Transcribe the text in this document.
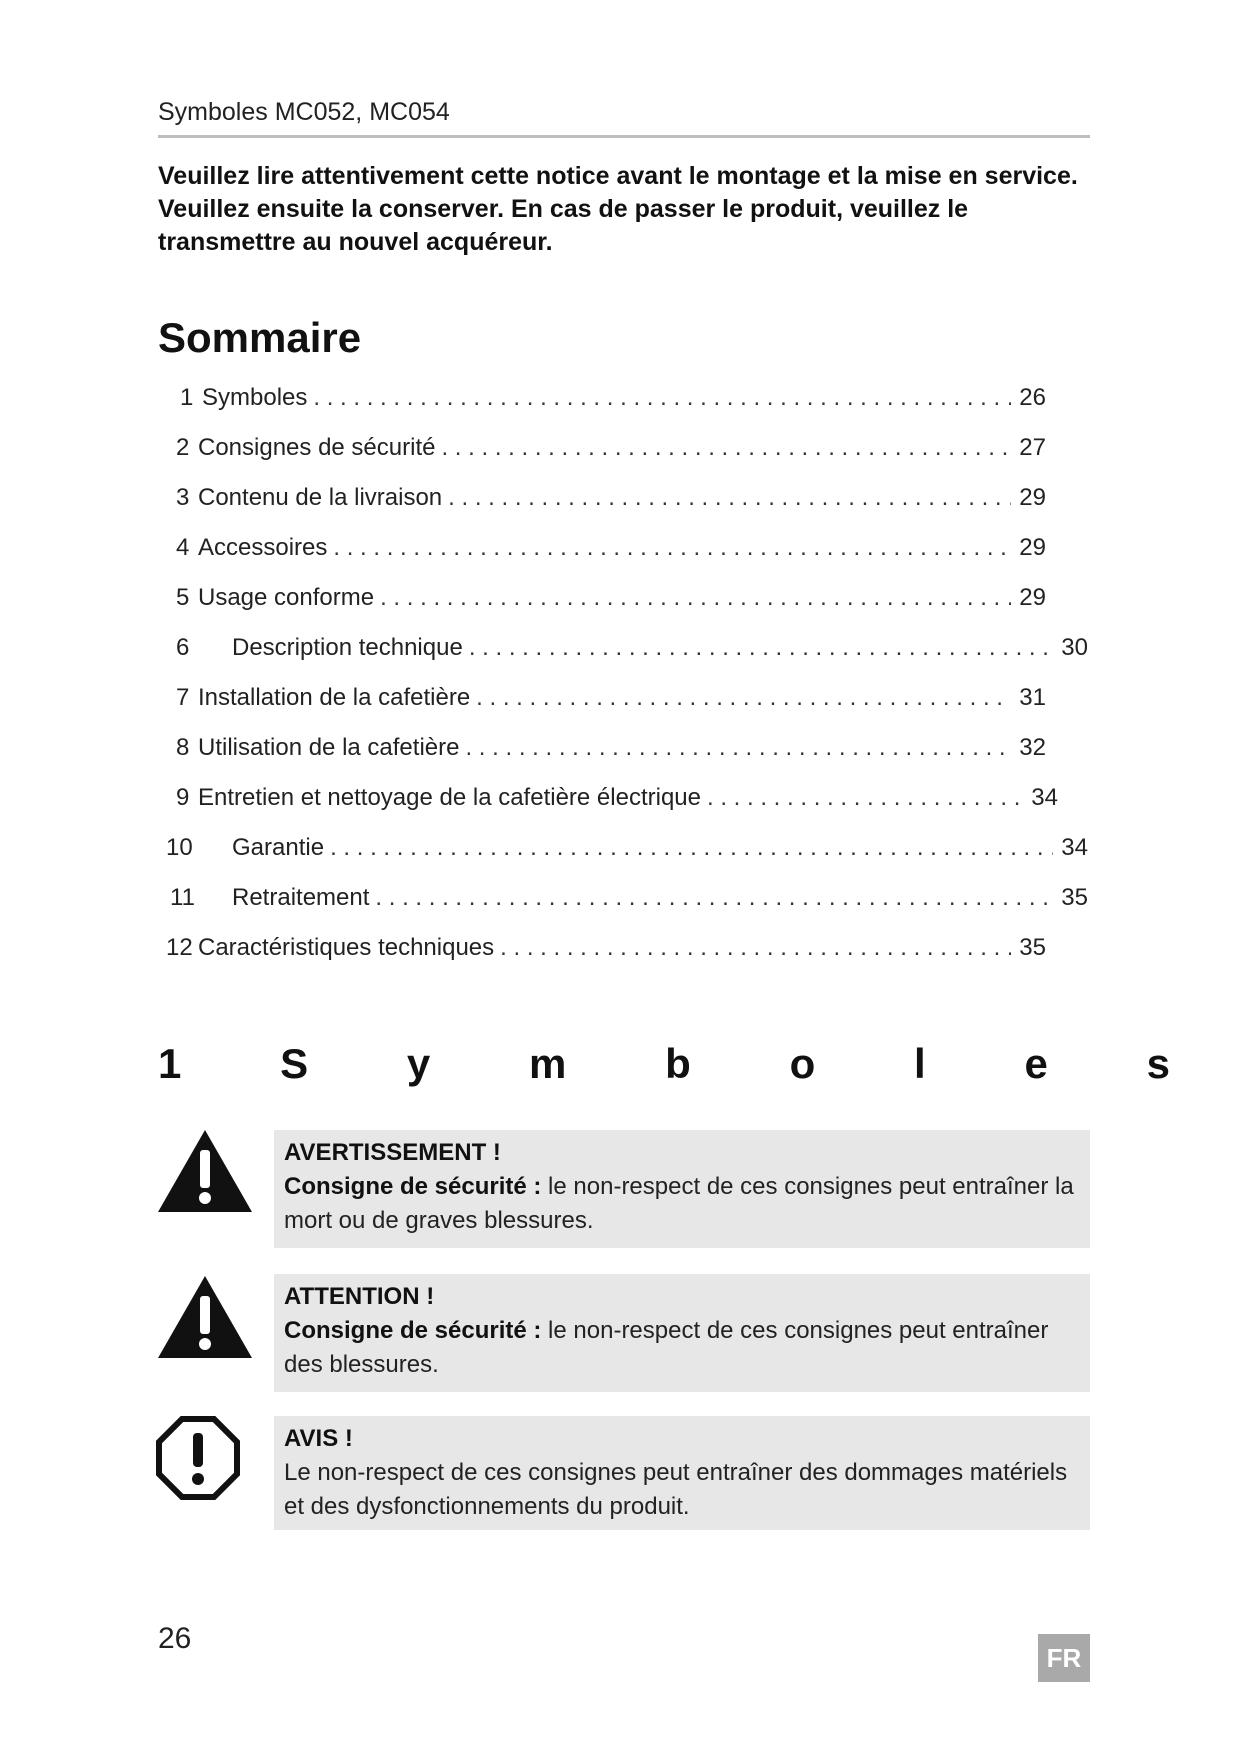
Symboles MC052, MC054
Veuillez lire attentivement cette notice avant le montage et la mise en service. Veuillez ensuite la conserver. En cas de passer le produit, veuillez le transmettre au nouvel acquéreur.
Sommaire
1 Symboles . . .	26
2 Consignes de sécurité . . .	27
3 Contenu de la livraison . . .	29
4 Accessoires . . .	29
5 Usage conforme . . .	29
6	Description technique . . .	30
7 Installation de la cafetière . . .	31
8 Utilisation de la cafetière . . .	32
9 Entretien et nettoyage de la cafetière électrique . . .	34
10	Garantie . . .	34
11	Retraitement . . .	35
12 Caractéristiques techniques . . .	35
1 S y m b o l e s
AVERTISSEMENT !
Consigne de sécurité : le non-respect de ces consignes peut entraîner la mort ou de graves blessures.
ATTENTION !
Consigne de sécurité : le non-respect de ces consignes peut entraîner des blessures.
AVIS !
Le non-respect de ces consignes peut entraîner des dommages matériels et des dysfonctionnements du produit.
26
FR
